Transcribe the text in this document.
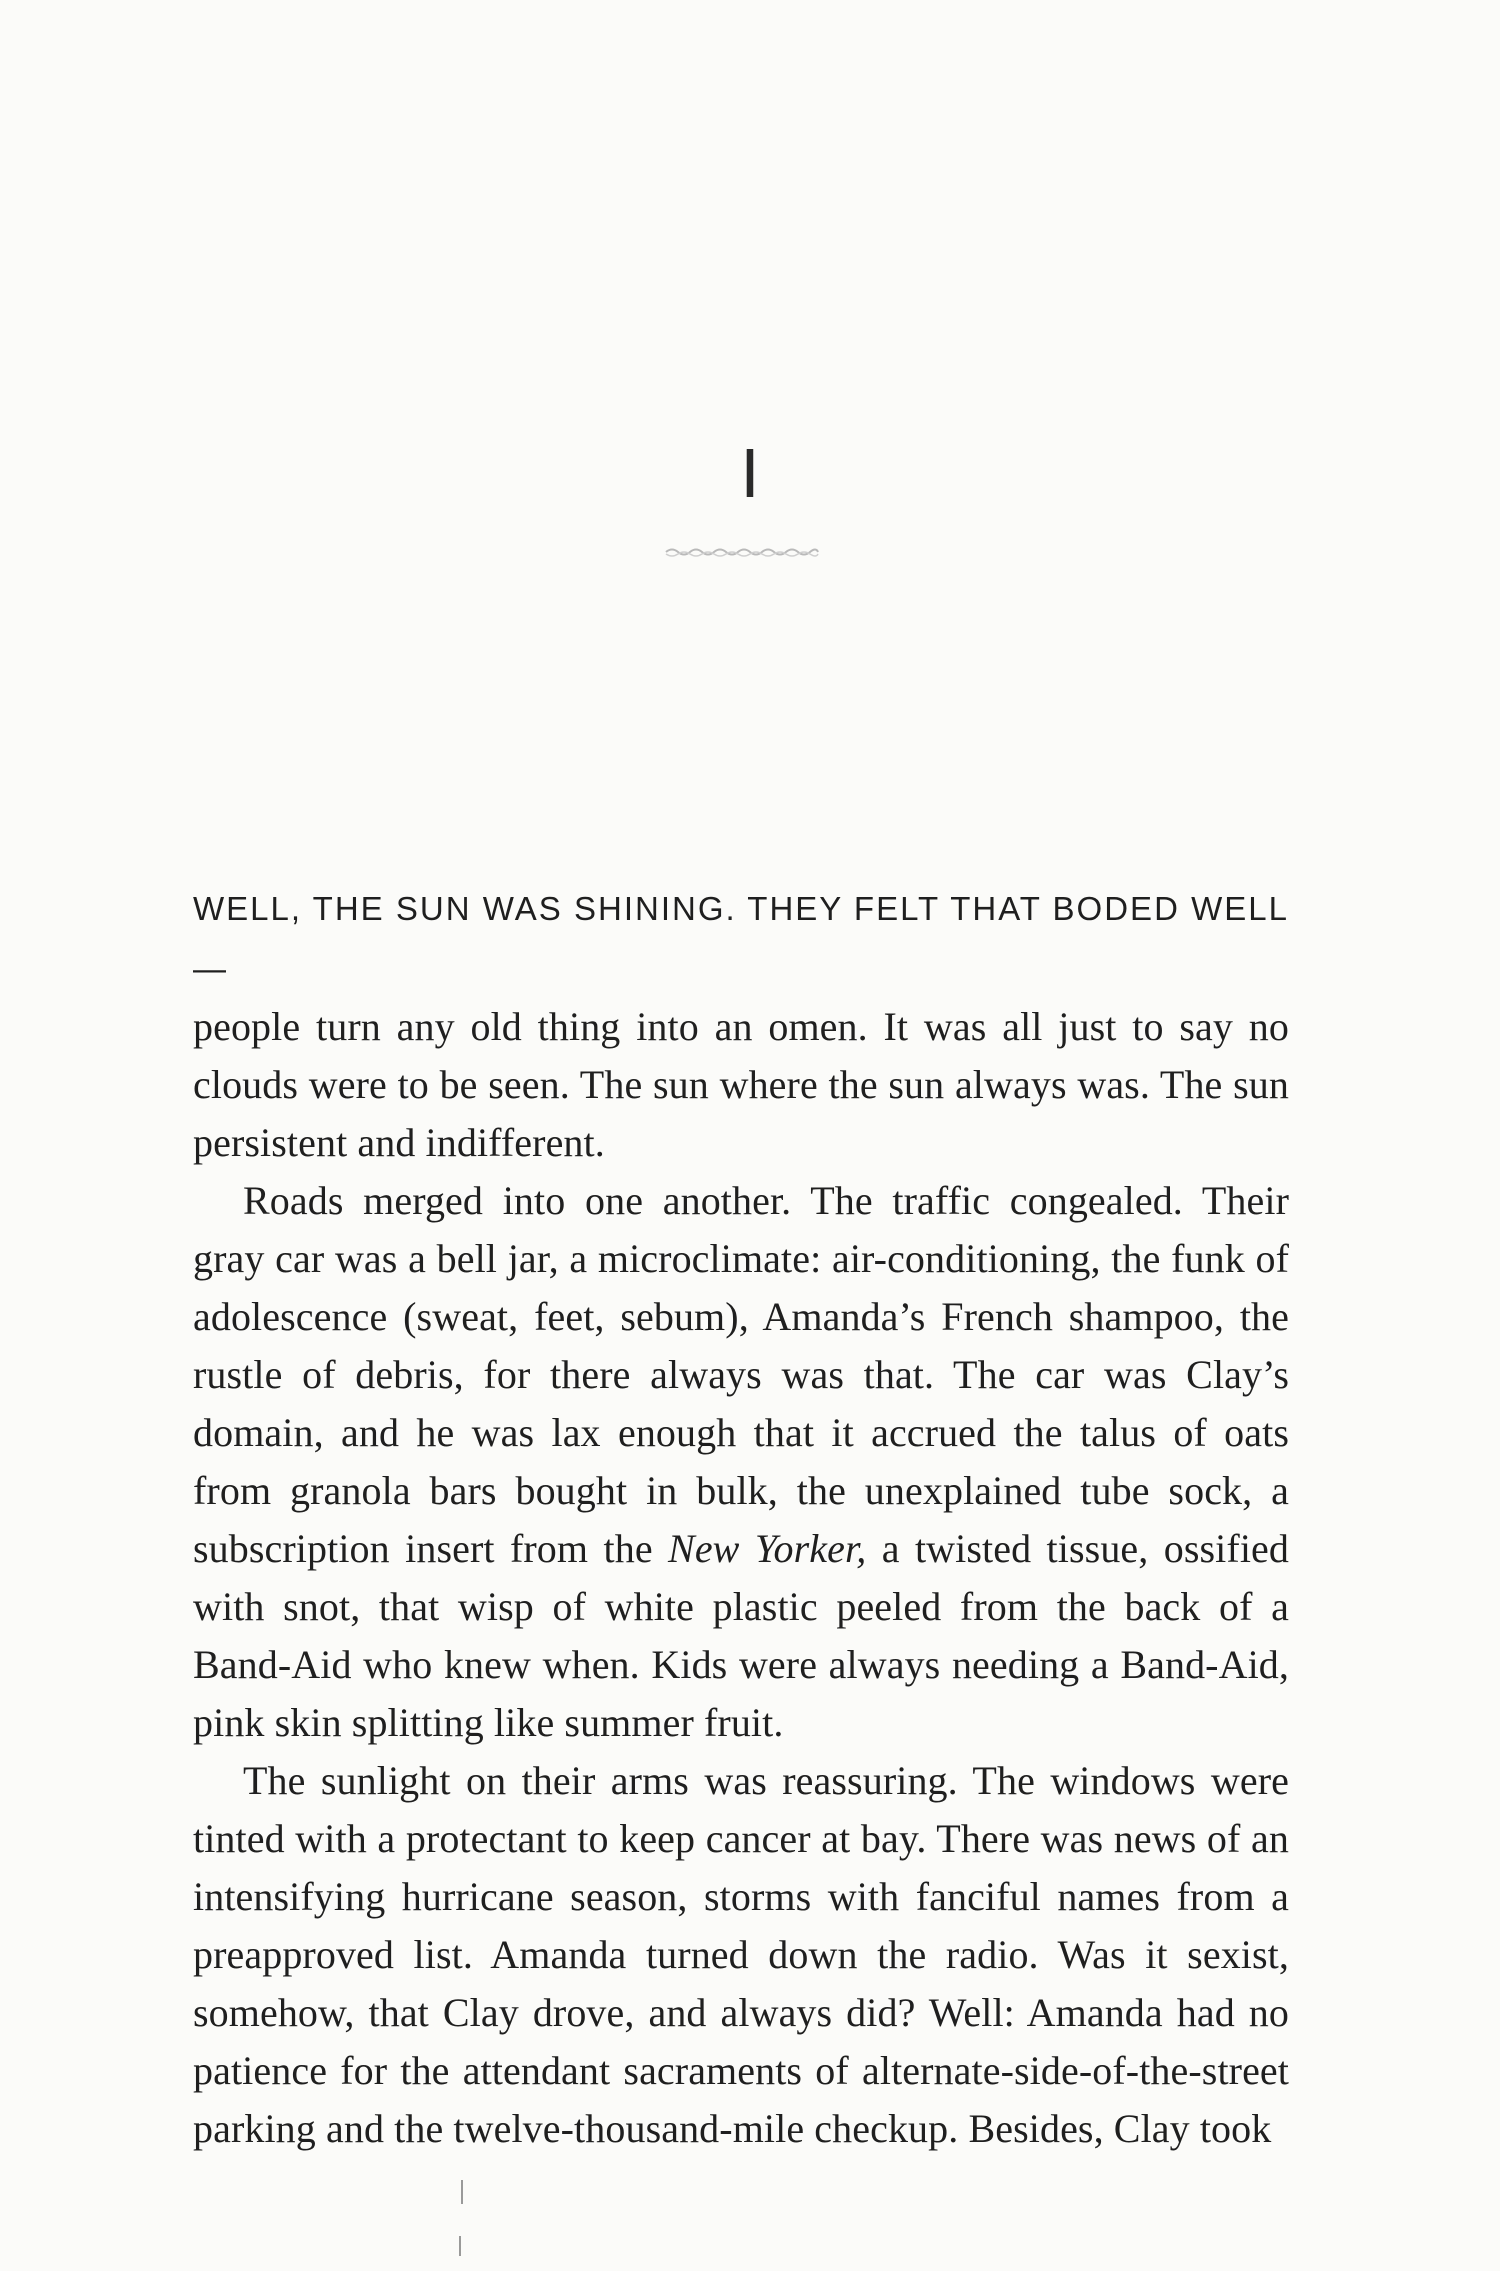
I

WELL, THE SUN WAS SHINING. THEY FELT THAT BODED WELL—
people turn any old thing into an omen. It was all just to say no clouds were to be seen. The sun where the sun always was. The sun persistent and indifferent.

Roads merged into one another. The traffic congealed. Their gray car was a bell jar, a microclimate: air-conditioning, the funk of adolescence (sweat, feet, sebum), Amanda’s French shampoo, the rustle of debris, for there always was that. The car was Clay’s domain, and he was lax enough that it accrued the talus of oats from granola bars bought in bulk, the unexplained tube sock, a subscription insert from the New Yorker, a twisted tissue, ossified with snot, that wisp of white plastic peeled from the back of a Band-Aid who knew when. Kids were always needing a Band-Aid, pink skin splitting like summer fruit.

The sunlight on their arms was reassuring. The windows were tinted with a protectant to keep cancer at bay. There was news of an intensifying hurricane season, storms with fanciful names from a preapproved list. Amanda turned down the radio. Was it sexist, somehow, that Clay drove, and always did? Well: Amanda had no patience for the attendant sacraments of alternate-side-of-the-street parking and the twelve-thousand-mile checkup. Besides, Clay took
